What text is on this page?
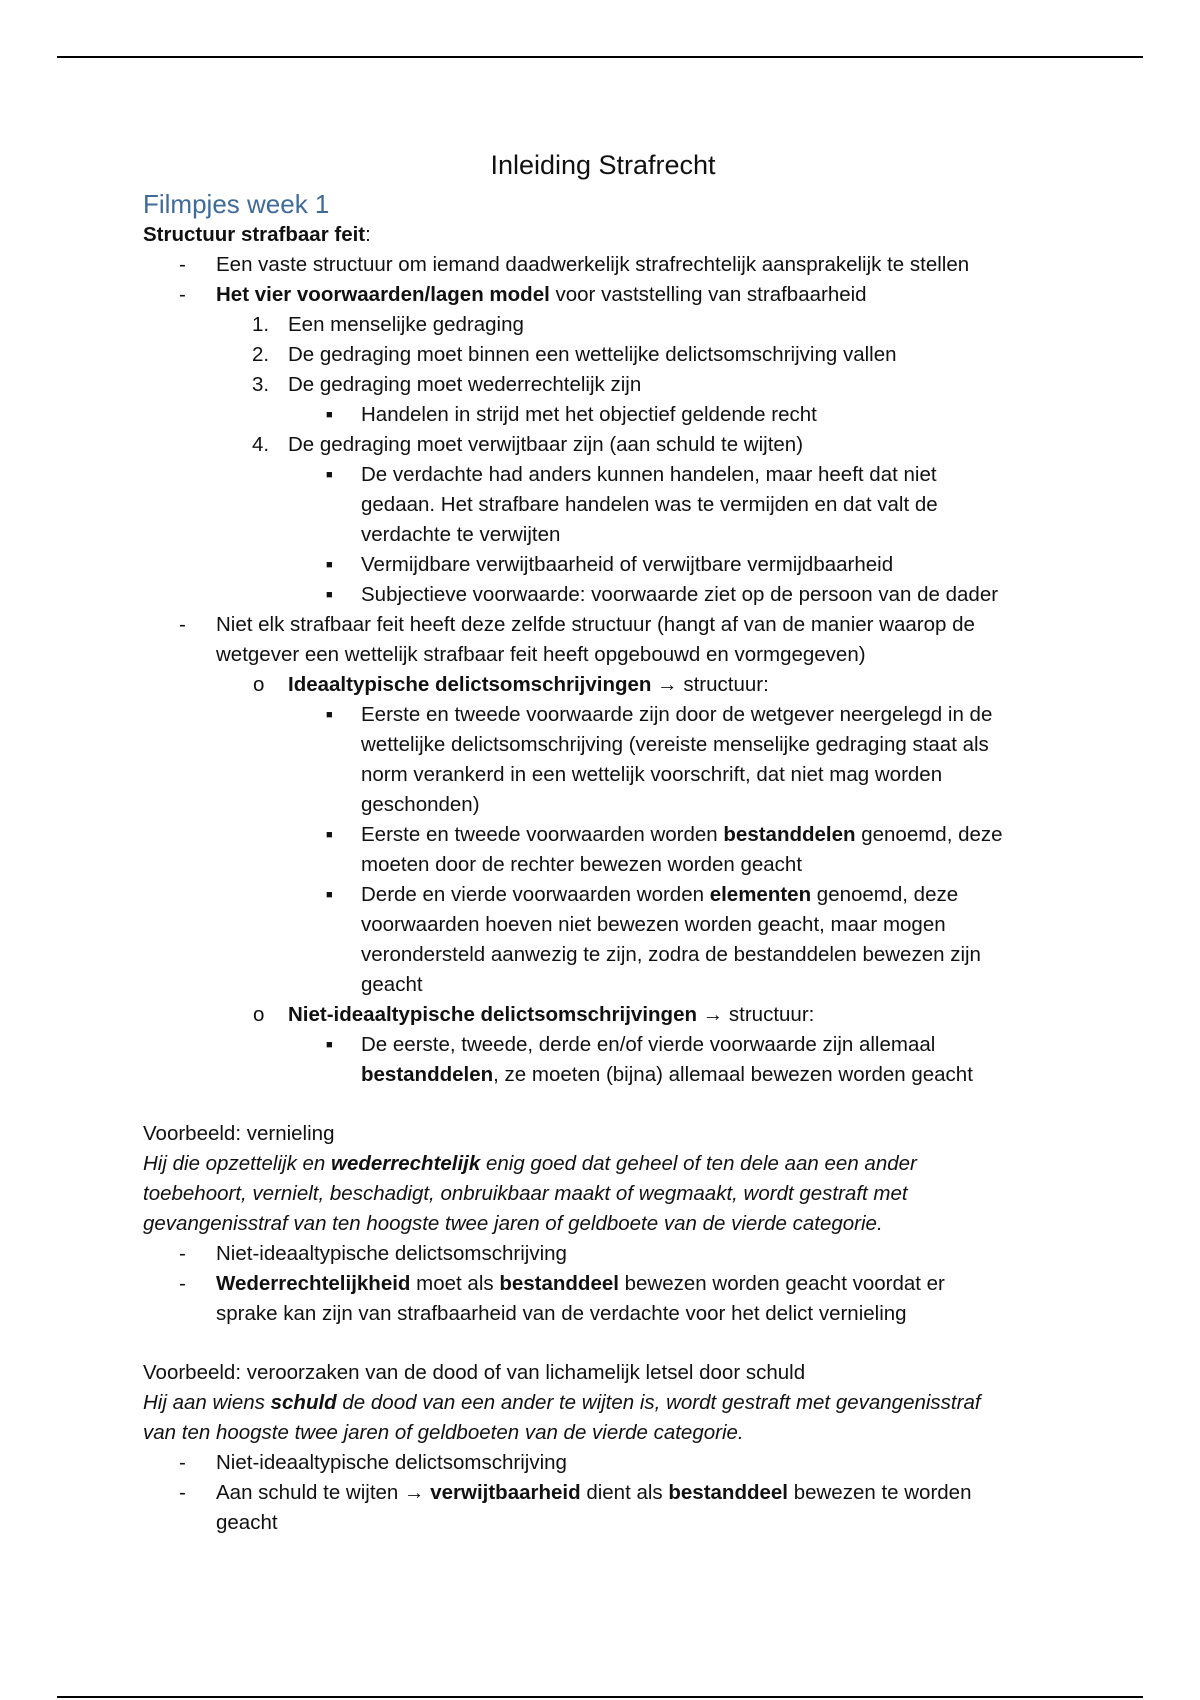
Inleiding Strafrecht
Filmpjes week 1
Structuur strafbaar feit:
- Een vaste structuur om iemand daadwerkelijk strafrechtelijk aansprakelijk te stellen
- Het vier voorwaarden/lagen model voor vaststelling van strafbaarheid
1. Een menselijke gedraging
2. De gedraging moet binnen een wettelijke delictsomschrijving vallen
3. De gedraging moet wederrechtelijk zijn
■ Handelen in strijd met het objectief geldende recht
4. De gedraging moet verwijtbaar zijn (aan schuld te wijten)
■ De verdachte had anders kunnen handelen, maar heeft dat niet
gedaan. Het strafbare handelen was te vermijden en dat valt de
verdachte te verwijten
■ Vermijdbare verwijtbaarheid of verwijtbare vermijdbaarheid
■ Subjectieve voorwaarde: voorwaarde ziet op de persoon van de dader
- Niet elk strafbaar feit heeft deze zelfde structuur (hangt af van de manier waarop de
wetgever een wettelijk strafbaar feit heeft opgebouwd en vormgegeven)
o Ideaaltypische delictsomschrijvingen → structuur:
■ Eerste en tweede voorwaarde zijn door de wetgever neergelegd in de
wettelijke delictsomschrijving (vereiste menselijke gedraging staat als
norm verankerd in een wettelijk voorschrift, dat niet mag worden
geschonden)
■ Eerste en tweede voorwaarden worden bestanddelen genoemd, deze
moeten door de rechter bewezen worden geacht
■ Derde en vierde voorwaarden worden elementen genoemd, deze
voorwaarden hoeven niet bewezen worden geacht, maar mogen
verondersteld aanwezig te zijn, zodra de bestanddelen bewezen zijn
geacht
o Niet-ideaaltypische delictsomschrijvingen → structuur:
■ De eerste, tweede, derde en/of vierde voorwaarde zijn allemaal
bestanddelen, ze moeten (bijna) allemaal bewezen worden geacht
Voorbeeld: vernieling
Hij die opzettelijk en wederrechtelijk enig goed dat geheel of ten dele aan een ander
toebehoort, vernielt, beschadigt, onbruikbaar maakt of wegmaakt, wordt gestraft met
gevangenisstraf van ten hoogste twee jaren of geldboete van de vierde categorie.
- Niet-ideaaltypische delictsomschrijving
- Wederrechtelijkheid moet als bestanddeel bewezen worden geacht voordat er
sprake kan zijn van strafbaarheid van de verdachte voor het delict vernieling
Voorbeeld: veroorzaken van de dood of van lichamelijk letsel door schuld
Hij aan wiens schuld de dood van een ander te wijten is, wordt gestraft met gevangenisstraf
van ten hoogste twee jaren of geldboeten van de vierde categorie.
- Niet-ideaaltypische delictsomschrijving
- Aan schuld te wijten → verwijtbaarheid dient als bestanddeel bewezen te worden
geacht
